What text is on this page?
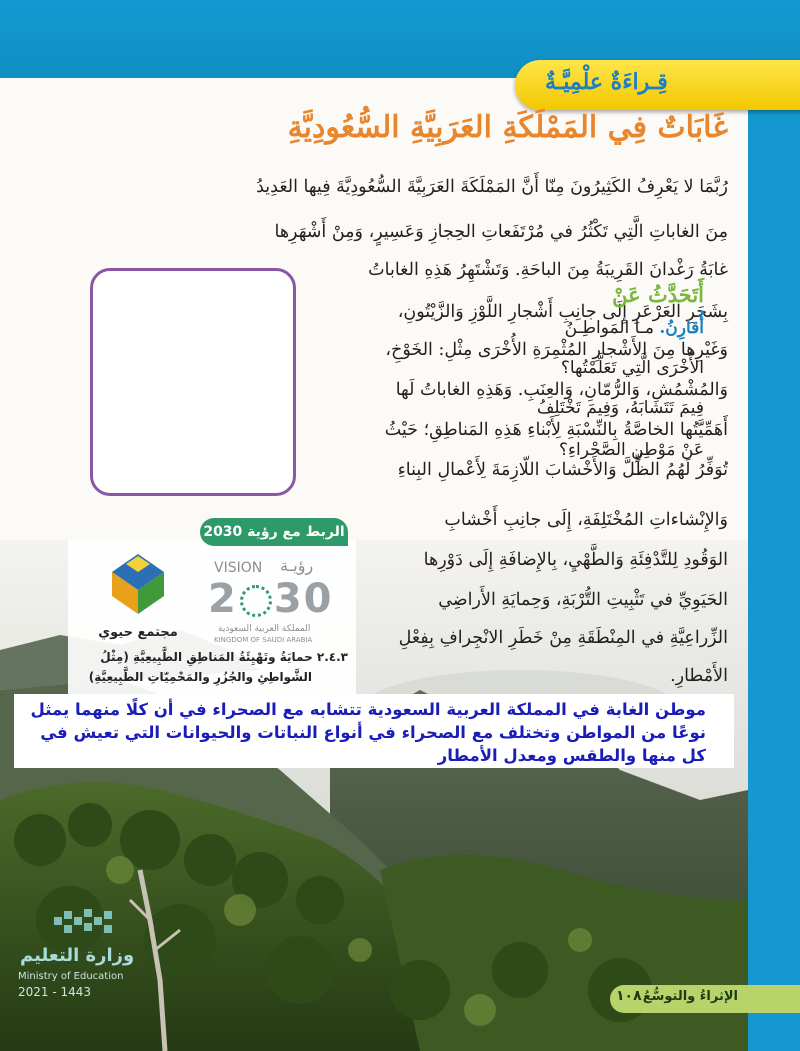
قِـراءَةٌ علْمِيَّـةٌ
غَابَاتٌ فِي المَمْلَكَةِ العَرَبِيَّةِ السُّعُودِيَّةِ
رُبَّمَا لا يَعْرِفُ الكَثِيرُونَ مِنّا أَنَّ المَمْلَكَةَ العَرَبِيَّةَ السُّعُودِيَّةَ فِيها العَدِيدُ
مِنَ الغاباتِ الَّتِي تَكْثُرُ في مُرْتَفَعاتِ الحِجازِ وَعَسِيرٍ، وَمِنْ أَشْهَرِها
غابَةُ رَغْدانَ القَرِيبَةُ مِنَ الباحَةِ. وَتَشْتَهِرُ هَذِهِ الغاباتُ
بِشَجَرِ العَرْعَرِ إِلَى جانِبِ أَشْجارِ اللَّوْزِ وَالزَّيْتُونِ،
وَغَيْرِها مِنَ الأَشْجارِ المُثْمِرَةِ الأُخْرَى مِثْلِ: الخَوْخِ،
وَالمُشْمُشِ، وَالرُّمّانِ، وَالعِنَبِ. وَهَذِهِ الغاباتُ لَها
أَهَمِّيَّتُها الخاصَّةُ بِالنِّسْبَةِ لِأَبْناءِ هَذِهِ المَناطِقِ؛ حَيْثُ
تُوَفِّرُ لَهُمُ الظِّلَّ وَالأَخْشابَ اللّازِمَةَ لِأَعْمالِ البِناءِ
وَالإِنْشاءاتِ المُخْتَلِفَةِ، إِلَى جانِبِ أَخْشابِ
الوَقُودِ لِلتَّدْفِئَةِ وَالطَّهْيِ، بِالإِضافَةِ إِلَى دَوْرِها
الحَيَوِيِّ في تَثْبِيتِ التُّرْبَةِ، وَحِمايَةِ الأَراضِي
الزِّراعِيَّةِ في المِنْطَقَةِ مِنْ خَطَرِ الانْجِرافِ بِفِعْلِ
الأَمْطارِ.
أَتَحَدَّثُ عَنْ
أُقارِنُ. مـا المَواطِـنُ
الأُخْرَى الَّتِي تَعَلَّمْتُها؟
فِيمَ تَتَشابَهُ، وَفِيمَ تَخْتَلِفُ
عَنْ مَوْطِنِ الصَّحْراءِ؟
مجتمع حيوي
VISION رؤيـة
2 30
المملكة العربية السعودية
KINGDOM OF SAUDI ARABIA
٢.٤.٣ حمايَةُ وتَهْيِئَةُ المَناطِقِ الطَّبِيعِيَّةِ (مِثْلُ
الشَّواطِئِ والجُزُرِ والمَحْمِيّاتِ الطَّبِيعِيَّةِ)
الربط مع رؤية 2030
موطن الغابة في المملكة العربية السعودية تتشابه مع الصحراء في أن كلًا منهما يمثل
نوعًا من المواطن وتختلف مع الصحراء في أنواع النباتات والحيوانات التي تعيش في
كل منها والطقس ومعدل الأمطار
وزارة التعليم
Ministry of Education
2021 - 1443	الإثراءُ والتوسُّعُ
١٠٨
